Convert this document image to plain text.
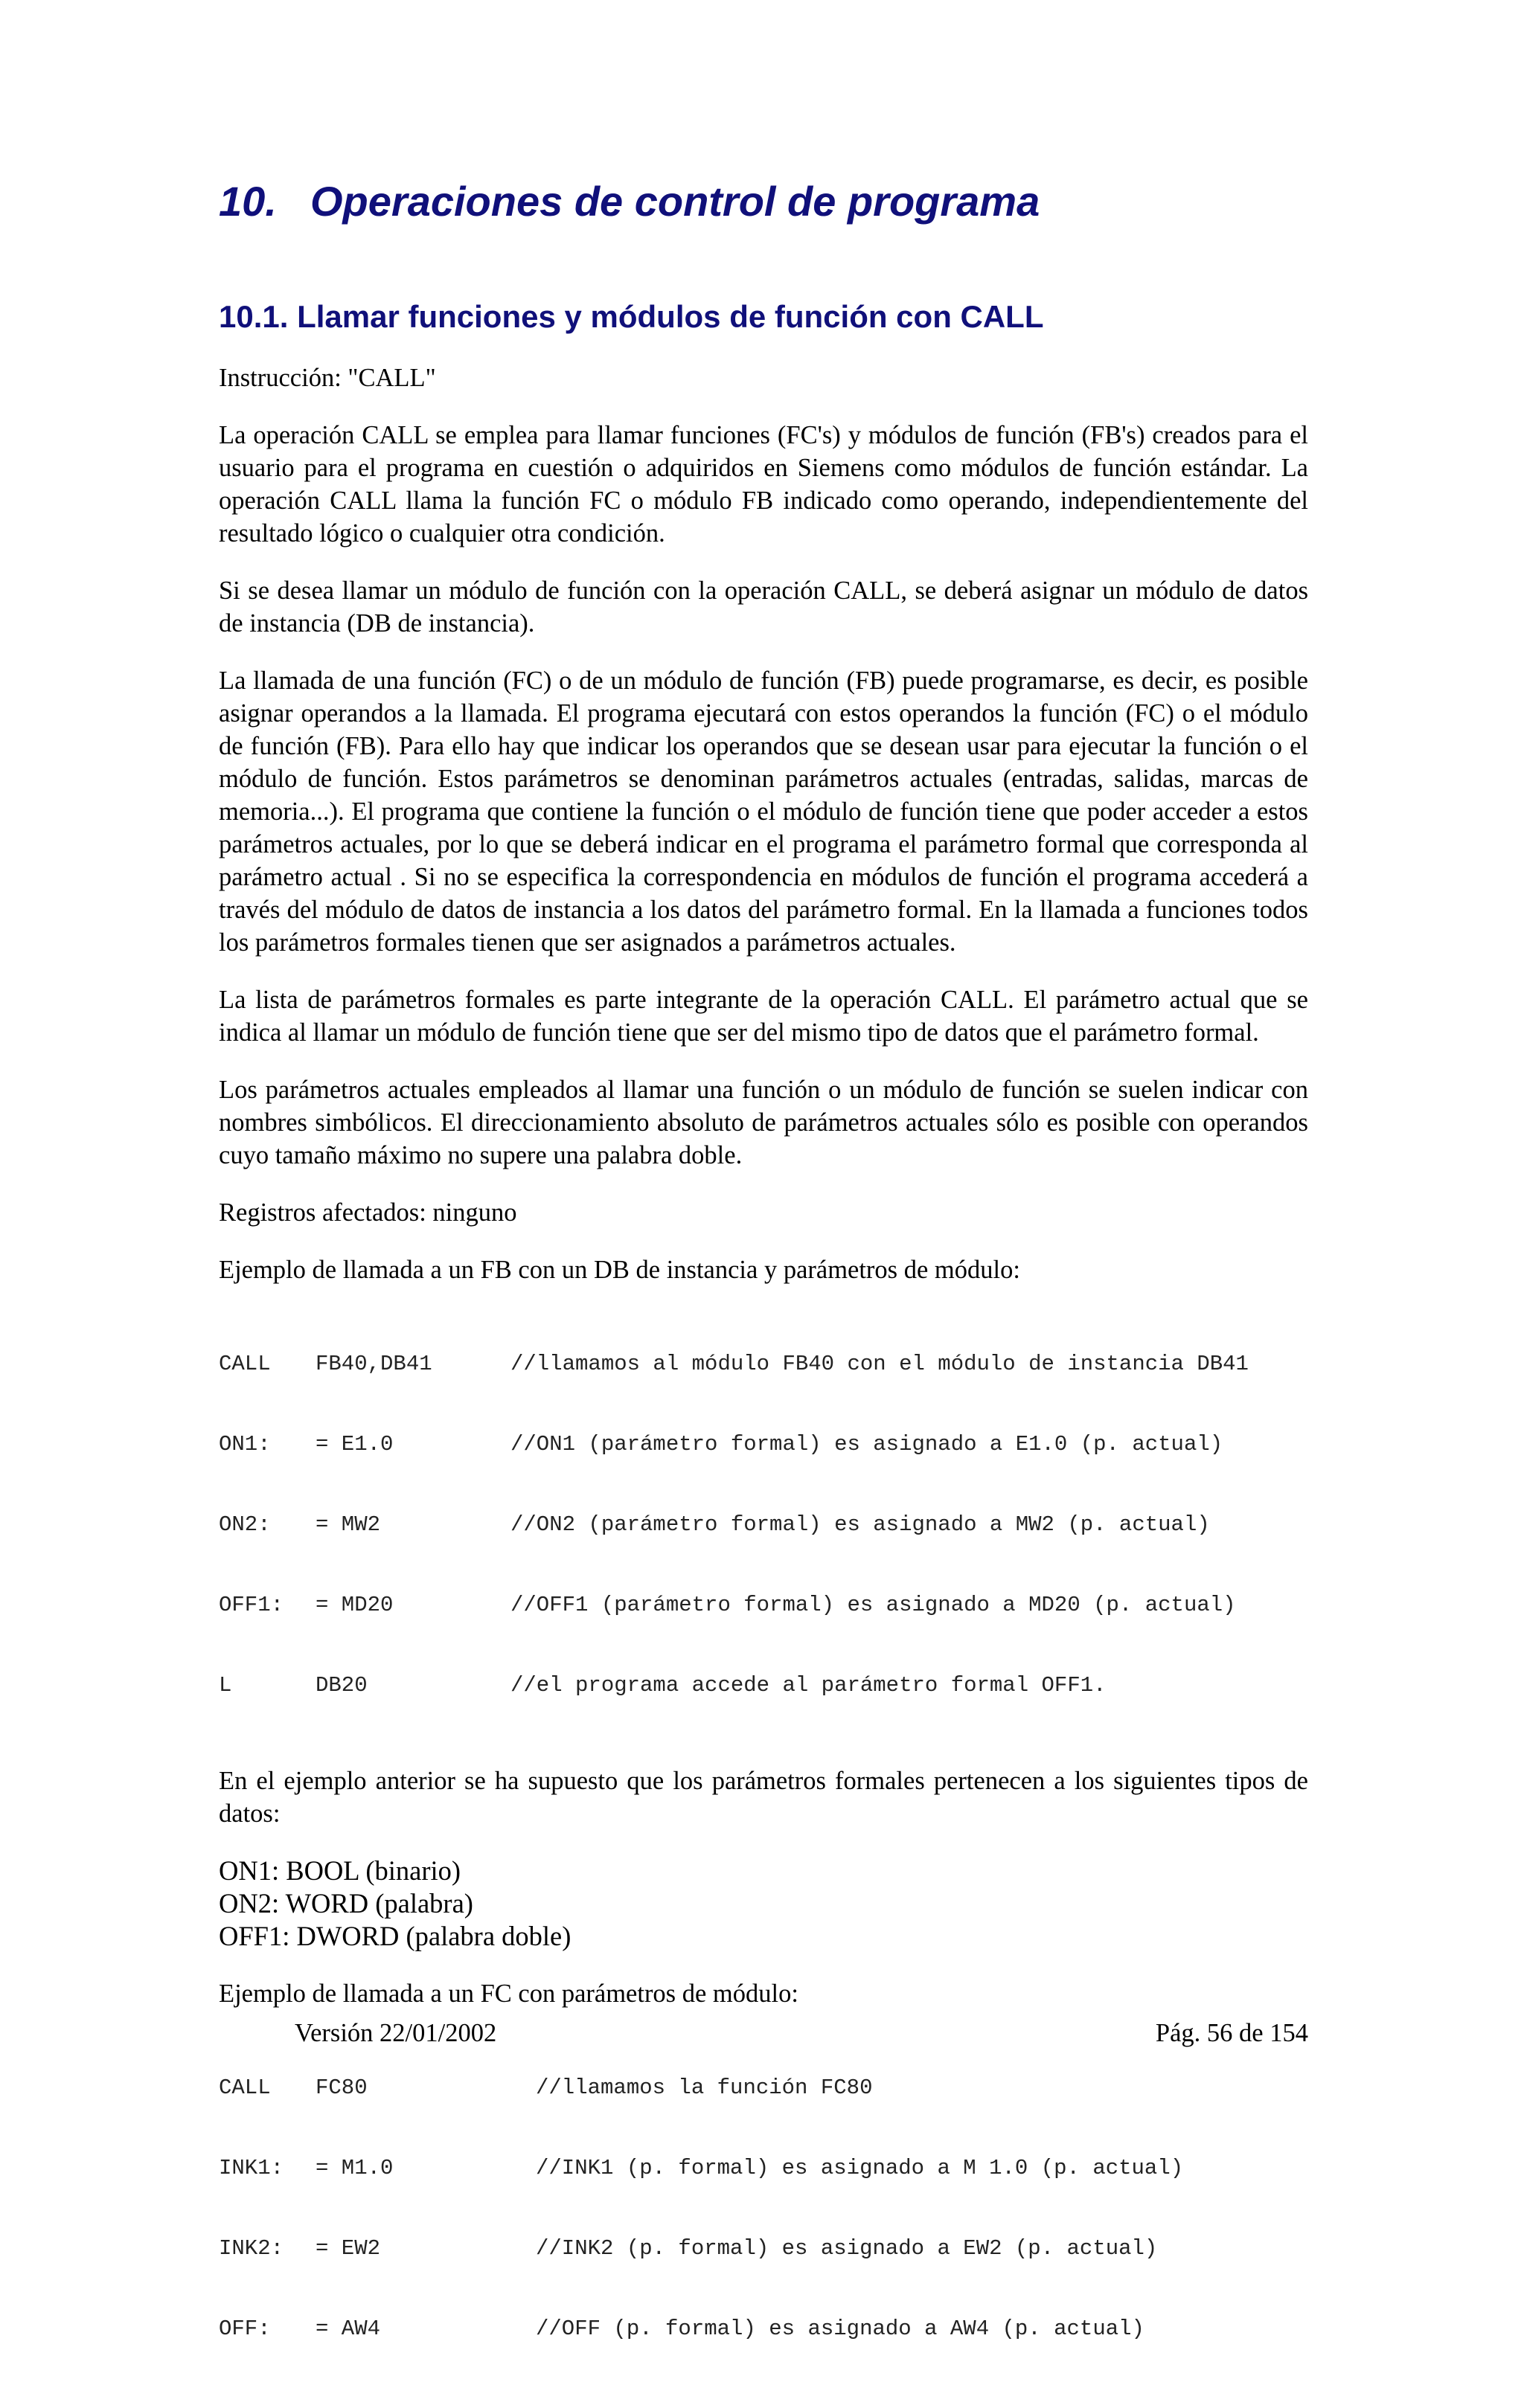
10. Operaciones de control de programa
10.1. Llamar funciones y módulos de función con CALL

Instrucción: "CALL"

La operación CALL se emplea para llamar funciones (FC's) y módulos de función (FB's) creados para el usuario para el programa en cuestión o adquiridos en Siemens como módulos de función estándar. La operación CALL llama la función FC o módulo FB indicado como operando, independientemente del resultado lógico o cualquier otra condición.

Si se desea llamar un módulo de función con la operación CALL, se deberá asignar un módulo de datos de instancia (DB de instancia).

La llamada de una función (FC) o de un módulo de función (FB) puede programarse, es decir, es posible asignar operandos a la llamada. El programa ejecutará con estos operandos la función (FC) o el módulo de función (FB). Para ello hay que indicar los operandos que se desean usar para ejecutar la función o el módulo de función. Estos parámetros se denominan parámetros actuales (entradas, salidas, marcas de memoria...). El programa que contiene la función o el módulo de función tiene que poder acceder a estos parámetros actuales, por lo que se deberá indicar en el programa el parámetro formal que corresponda al parámetro actual . Si no se especifica la correspondencia en módulos de función el programa accederá a través del módulo de datos de instancia a los datos del parámetro formal. En la llamada a funciones todos los parámetros formales tienen que ser asignados a parámetros actuales.

La lista de parámetros formales es parte integrante de la operación CALL. El parámetro actual que se indica al llamar un módulo de función tiene que ser del mismo tipo de datos que el parámetro formal.

Los parámetros actuales empleados al llamar una función o un módulo de función se suelen indicar con nombres simbólicos. El direccionamiento absoluto de parámetros actuales sólo es posible con operandos cuyo tamaño máximo no supere una palabra doble.

Registros afectados: ninguno

Ejemplo de llamada a un FB con un DB de instancia y parámetros de módulo:

CALL FB40,DB41	//llamamos al módulo FB40 con el módulo de instancia DB41

ON1: = E1.0	//ON1 (parámetro formal) es asignado a E1.0 (p. actual)

ON2: = MW2	//ON2 (parámetro formal) es asignado a MW2 (p. actual)

OFF1: = MD20	//OFF1 (parámetro formal) es asignado a MD20 (p. actual)

L	DB20	//el programa accede al parámetro formal OFF1.

En el ejemplo anterior se ha supuesto que los parámetros formales pertenecen a los siguientes tipos de datos:

ON1: BOOL (binario)
ON2: WORD (palabra)
OFF1: DWORD (palabra doble)

Ejemplo de llamada a un FC con parámetros de módulo:

CALL FC80	//llamamos la función FC80

INK1: = M1.0	//INK1 (p. formal) es asignado a M 1.0 (p. actual)

INK2: = EW2	//INK2 (p. formal) es asignado a EW2 (p. actual)

OFF: = AW4	//OFF (p. formal) es asignado a AW4 (p. actual)

Versión 22/01/2002	Pág. 56 de 154
